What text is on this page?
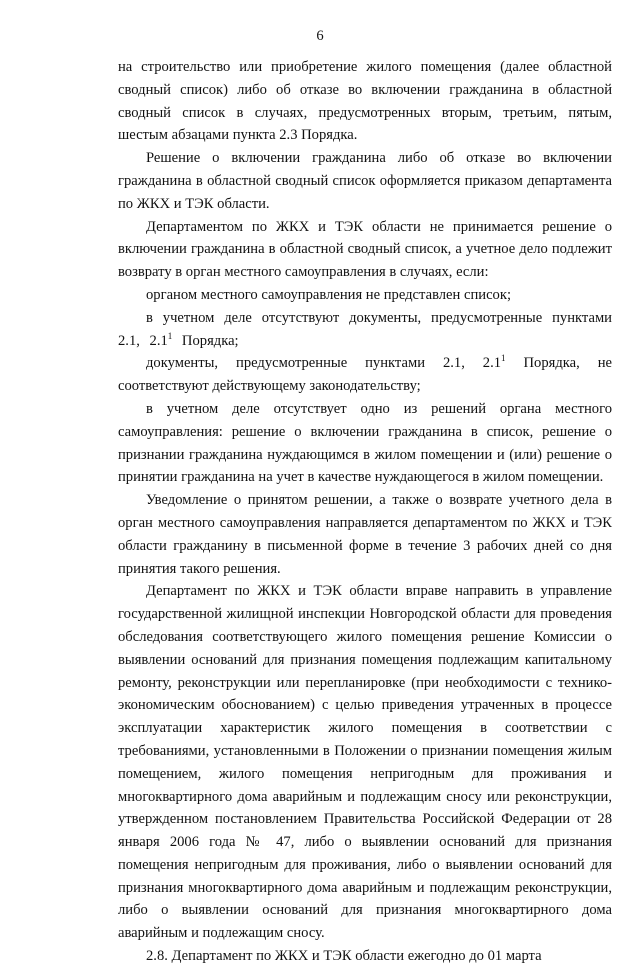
6

на строительство или приобретение жилого помещения (далее областной сводный список) либо об отказе во включении гражданина в областной сводный список в случаях, предусмотренных вторым, третьим, пятым, шестым абзацами пункта 2.3 Порядка.

Решение о включении гражданина либо об отказе во включении гражданина в областной сводный список оформляется приказом департамента по ЖКХ и ТЭК области.

Департаментом по ЖКХ и ТЭК области не принимается решение о включении гражданина в областной сводный список, а учетное дело подлежит возврату в орган местного самоуправления в случаях, если:

органом местного самоуправления не представлен список;

в учетном деле отсутствуют документы, предусмотренные пунктами 2.1, $2.1^1$ Порядка;

документы, предусмотренные пунктами 2.1, $2.1^1$ Порядка, не соответствуют действующему законодательству;

в учетном деле отсутствует одно из решений органа местного самоуправления: решение о включении гражданина в список, решение о признании гражданина нуждающимся в жилом помещении и (или) решение о принятии гражданина на учет в качестве нуждающегося в жилом помещении.

Уведомление о принятом решении, а также о возврате учетного дела в орган местного самоуправления направляется департаментом по ЖКХ и ТЭК области гражданину в письменной форме в течение 3 рабочих дней со дня принятия такого решения.

Департамент по ЖКХ и ТЭК области вправе направить в управление государственной жилищной инспекции Новгородской области для проведения обследования соответствующего жилого помещения решение Комиссии о выявлении оснований для признания помещения подлежащим капитальному ремонту, реконструкции или перепланировке (при необходимости с технико-экономическим обоснованием) с целью приведения утраченных в процессе эксплуатации характеристик жилого помещения в соответствии с требованиями, установленными в Положении о признании помещения жилым помещением, жилого помещения непригодным для проживания и многоквартирного дома аварийным и подлежащим сносу или реконструкции, утвержденном постановлением Правительства Российской Федерации от 28 января 2006 года № 47, либо о выявлении оснований для признания помещения непригодным для проживания, либо о выявлении оснований для признания многоквартирного дома аварийным и подлежащим реконструкции, либо о выявлении оснований для признания многоквартирного дома аварийным и подлежащим сносу.

2.8. Департамент по ЖКХ и ТЭК области ежегодно до 01 марта
